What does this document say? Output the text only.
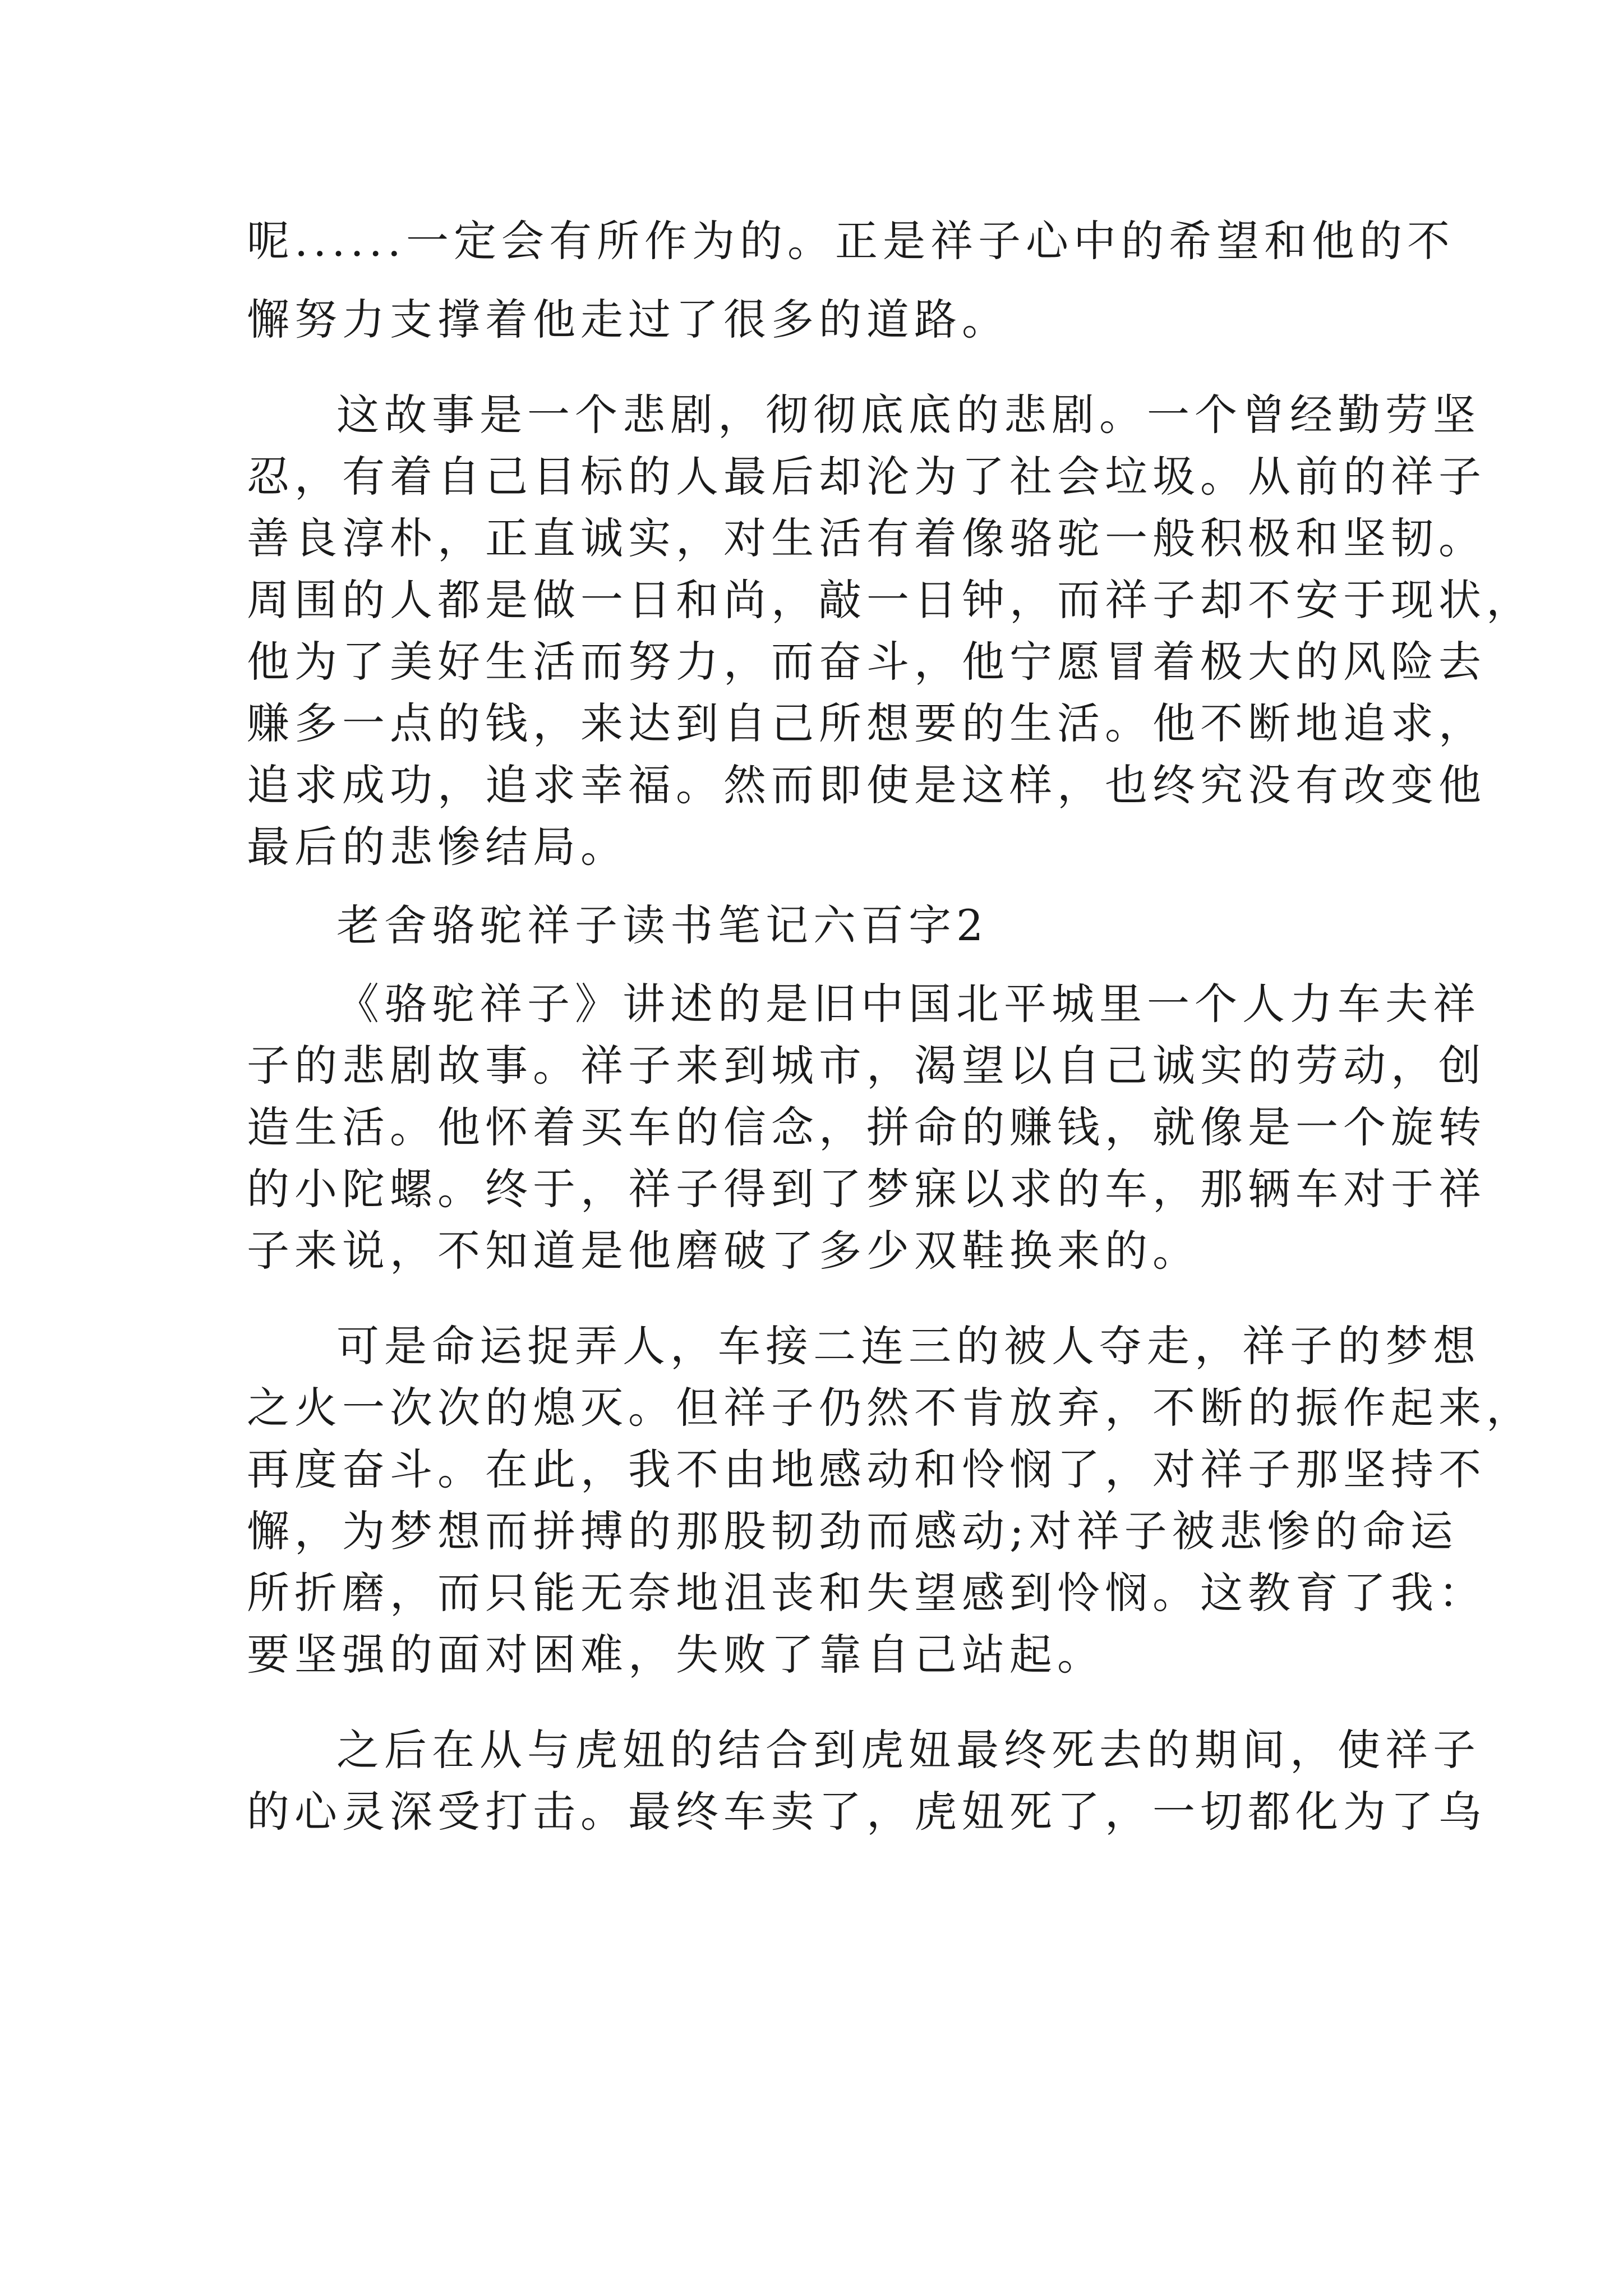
呢......一定会有所作为的。正是祥子心中的希望和他的不
懈努力支撑着他走过了很多的道路。
这故事是一个悲剧，彻彻底底的悲剧。一个曾经勤劳坚
忍，有着自己目标的人最后却沦为了社会垃圾。从前的祥子
善良淳朴，正直诚实，对生活有着像骆驼一般积极和坚韧。
周围的人都是做一日和尚，敲一日钟，而祥子却不安于现状，
他为了美好生活而努力，而奋斗，他宁愿冒着极大的风险去
赚多一点的钱，来达到自己所想要的生活。他不断地追求，
追求成功，追求幸福。然而即使是这样，也终究没有改变他
最后的悲惨结局。
老舍骆驼祥子读书笔记六百字2
《骆驼祥子》讲述的是旧中国北平城里一个人力车夫祥
子的悲剧故事。祥子来到城市，渴望以自己诚实的劳动，创
造生活。他怀着买车的信念，拼命的赚钱，就像是一个旋转
的小陀螺。终于，祥子得到了梦寐以求的车，那辆车对于祥
子来说，不知道是他磨破了多少双鞋换来的。
可是命运捉弄人，车接二连三的被人夺走，祥子的梦想
之火一次次的熄灭。但祥子仍然不肯放弃，不断的振作起来，
再度奋斗。在此，我不由地感动和怜悯了，对祥子那坚持不
懈，为梦想而拼搏的那股韧劲而感动;对祥子被悲惨的命运
所折磨，而只能无奈地沮丧和失望感到怜悯。这教育了我：
要坚强的面对困难，失败了靠自己站起。
之后在从与虎妞的结合到虎妞最终死去的期间，使祥子
的心灵深受打击。最终车卖了，虎妞死了，一切都化为了乌
